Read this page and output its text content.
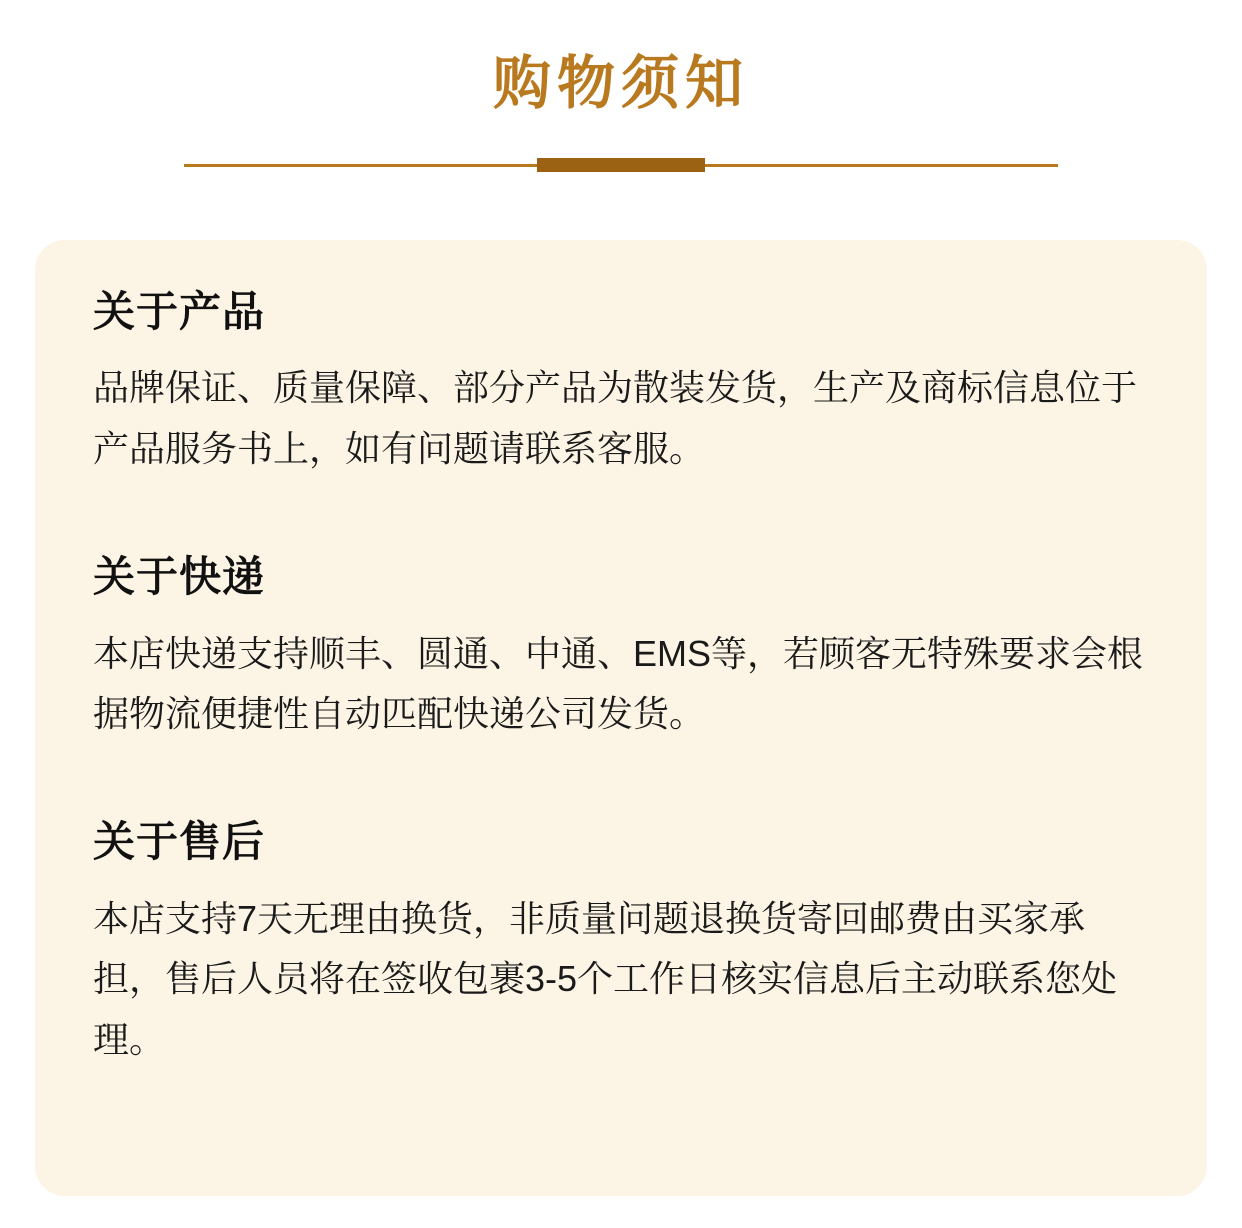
购物须知
关于产品

品牌保证、质量保障、部分产品为散装发货，生产及商标信息位于产品服务书上，如有问题请联系客服。

关于快递

本店快递支持顺丰、圆通、中通、EMS等，若顾客无特殊要求会根据物流便捷性自动匹配快递公司发货。

关于售后

本店支持7天无理由换货，非质量问题退换货寄回邮费由买家承担，售后人员将在签收包裹3-5个工作日核实信息后主动联系您处理。
